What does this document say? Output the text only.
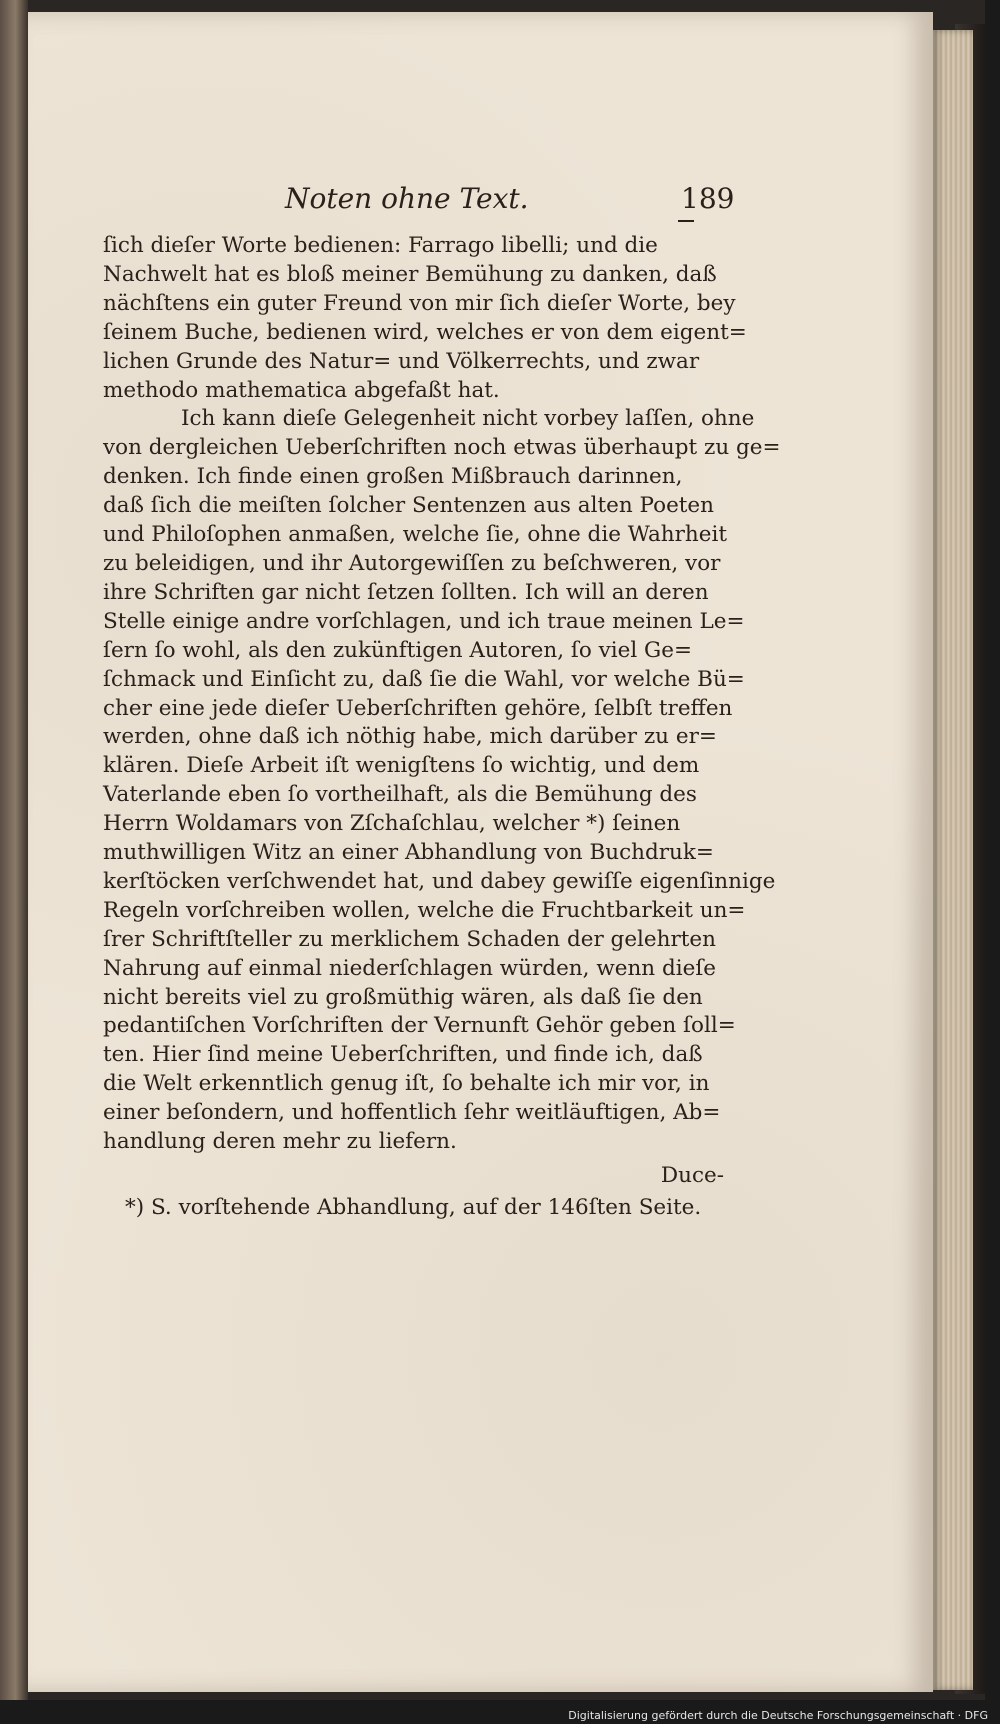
Noten ohne Text.	189
ſich dieſer Worte bedienen: Farrago libelli; und die
Nachwelt hat es bloß meiner Bemühung zu danken, daß
nächſtens ein guter Freund von mir ſich dieſer Worte, bey
ſeinem Buche, bedienen wird, welches er von dem eigent=
lichen Grunde des Natur= und Völkerrechts, und zwar
methodo mathematica abgefaßt hat.
Ich kann dieſe Gelegenheit nicht vorbey laſſen, ohne
von dergleichen Ueberſchriften noch etwas überhaupt zu ge=
denken. Ich finde einen großen Mißbrauch darinnen,
daß ſich die meiſten ſolcher Sentenzen aus alten Poeten
und Philoſophen anmaßen, welche ſie, ohne die Wahrheit
zu beleidigen, und ihr Autorgewiſſen zu beſchweren, vor
ihre Schriften gar nicht ſetzen ſollten. Ich will an deren
Stelle einige andre vorſchlagen, und ich traue meinen Le=
ſern ſo wohl, als den zukünftigen Autoren, ſo viel Ge=
ſchmack und Einſicht zu, daß ſie die Wahl, vor welche Bü=
cher eine jede dieſer Ueberſchriften gehöre, ſelbſt treffen
werden, ohne daß ich nöthig habe, mich darüber zu er=
klären. Dieſe Arbeit iſt wenigſtens ſo wichtig, und dem
Vaterlande eben ſo vortheilhaft, als die Bemühung des
Herrn Woldamars von Zſchaſchlau, welcher *) ſeinen
muthwilligen Witz an einer Abhandlung von Buchdruk=
kerſtöcken verſchwendet hat, und dabey gewiſſe eigenſinnige
Regeln vorſchreiben wollen, welche die Fruchtbarkeit un=
ſrer Schriftſteller zu merklichem Schaden der gelehrten
Nahrung auf einmal niederſchlagen würden, wenn dieſe
nicht bereits viel zu großmüthig wären, als daß ſie den
pedantiſchen Vorſchriften der Vernunft Gehör geben ſoll=
ten. Hier ſind meine Ueberſchriften, und finde ich, daß
die Welt erkenntlich genug iſt, ſo behalte ich mir vor, in
einer beſondern, und hoffentlich ſehr weitläuftigen, Ab=
handlung deren mehr zu liefern.
Duce-
*) S. vorſtehende Abhandlung, auf der 146ſten Seite.
Digitalisierung gefördert durch die Deutsche Forschungsgemeinschaft · DFG
